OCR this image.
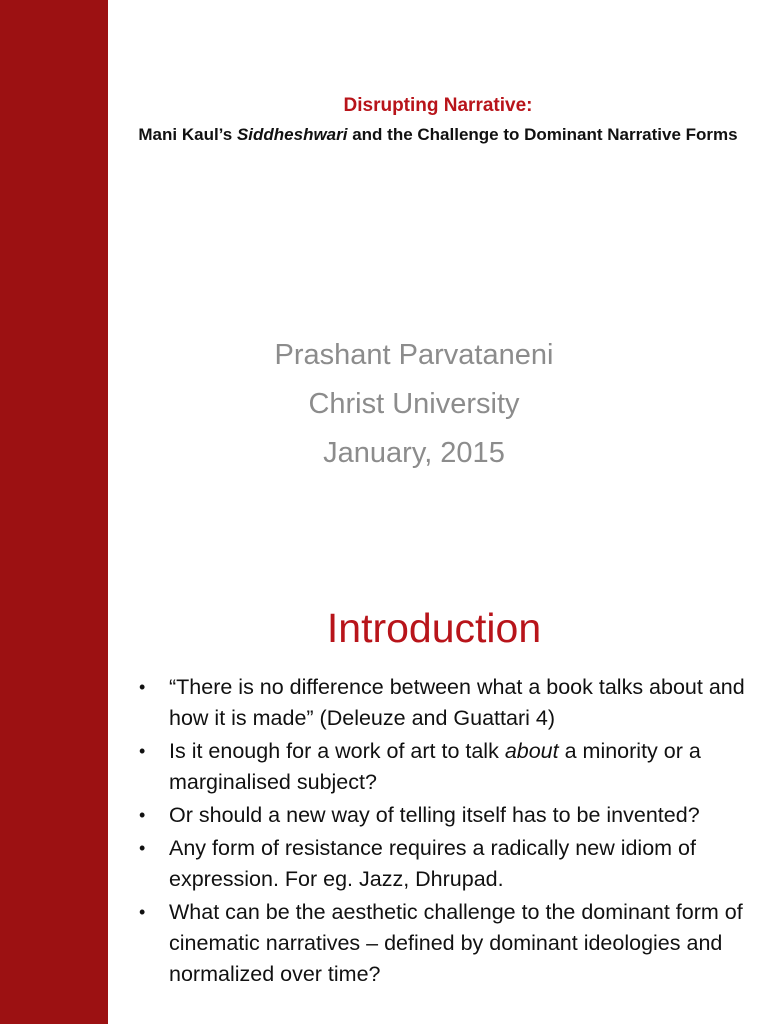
Disrupting Narrative:
Mani Kaul’s Siddheshwari and the Challenge to Dominant Narrative Forms
Prashant Parvataneni
Christ University
January, 2015
Introduction
• “There is no difference between what a book talks about and how it is made” (Deleuze and Guattari 4)
• Is it enough for a work of art to talk about a minority or a marginalised subject?
• Or should a new way of telling itself has to be invented?
• Any form of resistance requires a radically new idiom of expression. For eg. Jazz, Dhrupad.
• What can be the aesthetic challenge to the dominant form of cinematic narratives – defined by dominant ideologies and normalized over time?
